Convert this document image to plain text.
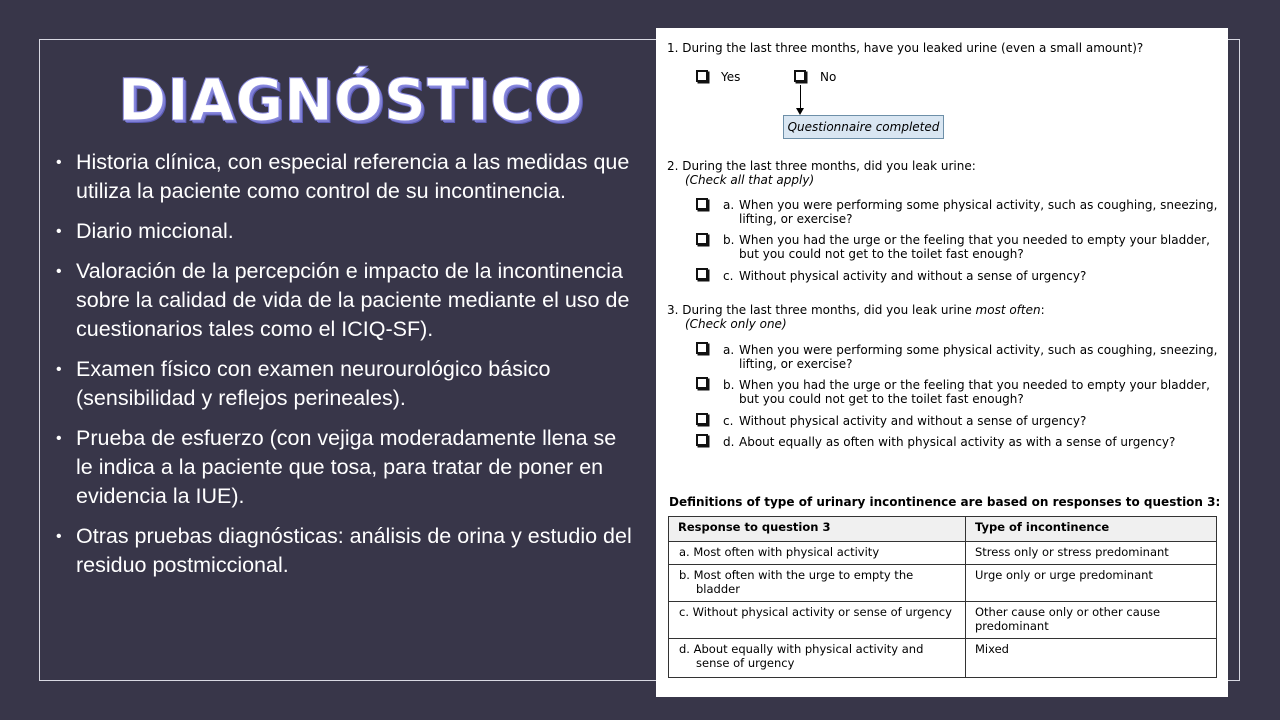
DIAGNÓSTICO
• Historia clínica, con especial referencia a las medidas que utiliza la paciente como control de su incontinencia.
• Diario miccional.
• Valoración de la percepción e impacto de la incontinencia sobre la calidad de vida de la paciente mediante el uso de cuestionarios tales como el ICIQ-SF).
• Examen físico con examen neurourológico básico (sensibilidad y reflejos perineales).
• Prueba de esfuerzo (con vejiga moderadamente llena se le indica a la paciente que tosa, para tratar de poner en evidencia la IUE).
• Otras pruebas diagnósticas: análisis de orina y estudio del residuo postmiccional.
1. During the last three months, have you leaked urine (even a small amount)?
Yes	No
Questionnaire completed
2. During the last three months, did you leak urine:
(Check all that apply)
a. When you were performing some physical activity, such as coughing, sneezing, lifting, or exercise?
b. When you had the urge or the feeling that you needed to empty your bladder, but you could not get to the toilet fast enough?
c. Without physical activity and without a sense of urgency?
3. During the last three months, did you leak urine most often:
(Check only one)
a. When you were performing some physical activity, such as coughing, sneezing, lifting, or exercise?
b. When you had the urge or the feeling that you needed to empty your bladder, but you could not get to the toilet fast enough?
c. Without physical activity and without a sense of urgency?
d. About equally as often with physical activity as with a sense of urgency?
Definitions of type of urinary incontinence are based on responses to question 3:
Response to question 3	Type of incontinence

a. Most often with physical activity	Stress only or stress predominant

b. Most often with the urge to empty the bladder	Urge only or urge predominant

c. Without physical activity or sense of urgency	Other cause only or other cause predominant

d. About equally with physical activity and sense of urgency	Mixed
